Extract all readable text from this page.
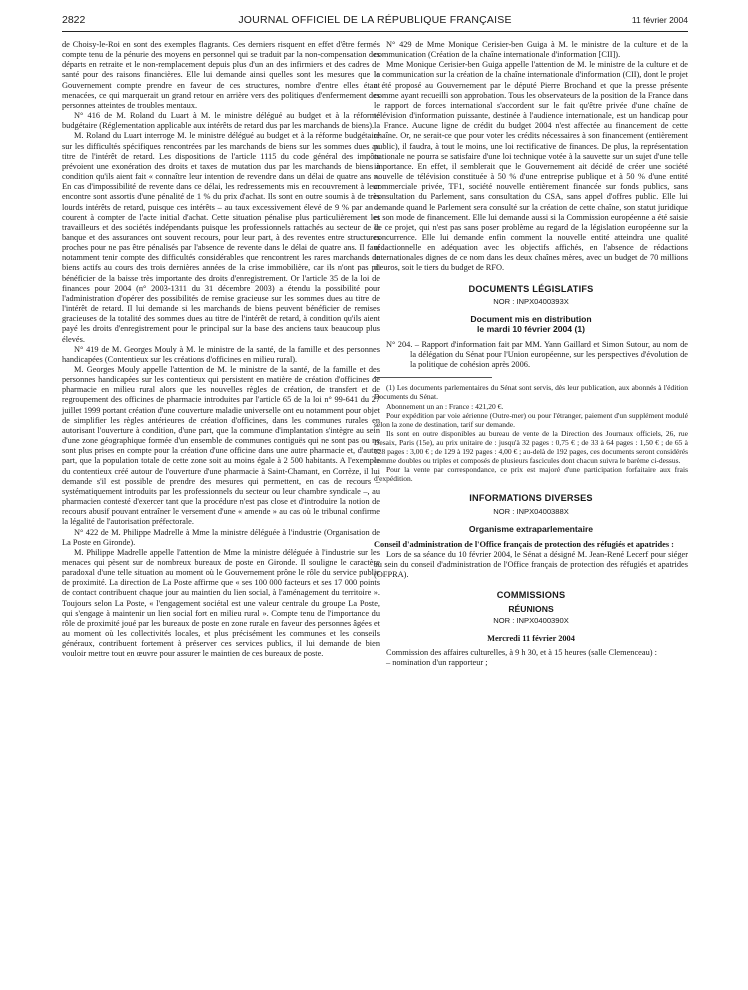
2822	JOURNAL OFFICIEL DE LA RÉPUBLIQUE FRANÇAISE	11 février 2004

de Choisy-le-Roi en sont des exemples flagrants. Ces derniers risquent en effet d'être fermés compte tenu de la pénurie des moyens en personnel qui se traduit par la non-compensation des départs en retraite et le non-remplacement depuis plus d'un an des infirmiers et des cadres de santé pour des raisons financières. Elle lui demande ainsi quelles sont les mesures que le Gouvernement compte prendre en faveur de ces structures, nombre d'entre elles étant menacées, ce qui marquerait un grand retour en arrière vers des politiques d'enfermement des personnes atteintes de troubles mentaux.

N° 416 de M. Roland du Luart à M. le ministre délégué au budget et à la réforme budgétaire (Réglementation applicable aux intérêts de retard dus par les marchands de biens).

M. Roland du Luart interroge M. le ministre délégué au budget et à la réforme budgétaire sur les difficultés spécifiques rencontrées par les marchands de biens sur les sommes dues au titre de l'intérêt de retard. Les dispositions de l'article 1115 du code général des impôts prévoient une exonération des droits et taxes de mutation dus par les marchands de biens à condition qu'ils aient fait « connaître leur intention de revendre dans un délai de quatre ans ». En cas d'impossibilité de revente dans ce délai, les redressements mis en recouvrement à leur encontre sont assortis d'une pénalité de 1 % du prix d'achat. Ils sont en outre soumis à de très lourds intérêts de retard, puisque ces intérêts – au taux excessivement élevé de 9 % par an – courent à compter de l'acte initial d'achat. Cette situation pénalise plus particulièrement les travailleurs et des sociétés indépendants puisque les professionnels rattachés au secteur de la banque et des assurances ont souvent recours, pour leur part, à des reventes entre structures proches pour ne pas être pénalisés par l'absence de revente dans le délai de quatre ans. Il faut notamment tenir compte des difficultés considérables que rencontrent les rares marchands de biens actifs au cours des trois dernières années de la crise immobilière, car ils n'ont pas pu bénéficier de la baisse très importante des droits d'enregistrement. Or l'article 35 de la loi de finances pour 2004 (n° 2003-1311 du 31 décembre 2003) a étendu la possibilité pour l'administration d'opérer des possibilités de remise gracieuse sur les sommes dues au titre de l'intérêt de retard. Il lui demande si les marchands de biens peuvent bénéficier de remises gracieuses de la totalité des sommes dues au titre de l'intérêt de retard, à condition qu'ils aient payé les droits d'enregistrement pour le principal sur la base des anciens taux beaucoup plus élevés.

N° 419 de M. Georges Mouly à M. le ministre de la santé, de la famille et des personnes handicapées (Contentieux sur les créations d'officines en milieu rural).

M. Georges Mouly appelle l'attention de M. le ministre de la santé, de la famille et des personnes handicapées sur les contentieux qui persistent en matière de création d'officines de pharmacie en milieu rural alors que les nouvelles règles de création, de transfert et de regroupement des officines de pharmacie introduites par l'article 65 de la loi n° 99-641 du 27 juillet 1999 portant création d'une couverture maladie universelle ont eu notamment pour objet de simplifier les règles antérieures de création d'officines, dans les communes rurales en autorisant l'ouverture à condition, d'une part, que la commune d'implantation s'intègre au sein d'une zone géographique formée d'un ensemble de communes contiguës qui ne sont pas ou ne sont plus prises en compte pour la création d'une officine dans une autre pharmacie et, d'autre part, que la population totale de cette zone soit au moins égale à 2 500 habitants. A l'exemple du contentieux créé autour de l'ouverture d'une pharmacie à Saint-Chamant, en Corrèze, il lui demande s'il est possible de prendre des mesures qui permettent, en cas de recours – systématiquement introduits par les professionnels du secteur ou leur chambre syndicale –, au pharmacien contesté d'exercer tant que la procédure n'est pas close et d'introduire la notion de recours abusif pouvant entraîner le versement d'une « amende » au cas où le tribunal confirme la légalité de l'autorisation préfectorale.

N° 422 de M. Philippe Madrelle à Mme la ministre déléguée à l'industrie (Organisation de La Poste en Gironde).

M. Philippe Madrelle appelle l'attention de Mme la ministre déléguée à l'industrie sur les menaces qui pèsent sur de nombreux bureaux de poste en Gironde. Il souligne le caractère paradoxal d'une telle situation au moment où le Gouvernement prône le rôle du service public de proximité. La direction de La Poste affirme que « ses 100 000 facteurs et ses 17 000 points de contact contribuent chaque jour au maintien du lien social, à l'aménagement du territoire ». Toujours selon La Poste, « l'engagement sociétal est une valeur centrale du groupe La Poste, qui s'engage à maintenir un lien social fort en milieu rural ». Compte tenu de l'importance du rôle de proximité joué par les bureaux de poste en zone rurale en faveur des personnes âgées et au moment où les collectivités locales, et plus précisément les communes et les conseils généraux, contribuent fortement à préserver ces services publics, il lui demande de bien vouloir mettre tout en œuvre pour assurer le maintien de ces bureaux de poste.

N° 429 de Mme Monique Cerisier-ben Guiga à M. le ministre de la culture et de la communication (Création de la chaîne internationale d'information [CII]).

Mme Monique Cerisier-ben Guiga appelle l'attention de M. le ministre de la culture et de la communication sur la création de la chaîne internationale d'information (CII), dont le projet a été proposé au Gouvernement par le député Pierre Brochand et que la presse présente comme ayant recueilli son approbation. Tous les observateurs de la position de la France dans le rapport de forces international s'accordent sur le fait qu'être privée d'une chaîne de télévision d'information puissante, destinée à l'audience internationale, est un handicap pour la France. Aucune ligne de crédit du budget 2004 n'est affectée au financement de cette chaîne. Or, ne serait-ce que pour voter les crédits nécessaires à son financement (entièrement public), il faudra, à tout le moins, une loi rectificative de finances. De plus, la représentation nationale ne pourra se satisfaire d'une loi technique votée à la sauvette sur un sujet d'une telle importance. En effet, il semblerait que le Gouvernement ait décidé de créer une société nouvelle de télévision constituée à 50 % d'une entreprise publique et à 50 % d'une entité commerciale privée, TF1, société nouvelle entièrement financée sur fonds publics, sans consultation du Parlement, sans consultation du CSA, sans appel d'offres public. Elle lui demande quand le Parlement sera consulté sur la création de cette chaîne, son statut juridique et son mode de financement. Elle lui demande aussi si la Commission européenne a été saisie de ce projet, qui n'est pas sans poser problème au regard de la législation européenne sur la concurrence. Elle lui demande enfin comment la nouvelle entité atteindra une qualité rédactionnelle en adéquation avec les objectifs affichés, en l'absence de rédactions internationales dignes de ce nom dans les deux chaînes mères, avec un budget de 70 millions d'euros, soit le tiers du budget de RFO.

DOCUMENTS LÉGISLATIFS
NOR : INPX0400393X
Document mis en distribution
le mardi 10 février 2004 (1)

N° 204. – Rapport d'information fait par MM. Yann Gaillard et Simon Sutour, au nom de la délégation du Sénat pour l'Union européenne, sur les perspectives d'évolution de la politique de cohésion après 2006.

(1) Les documents parlementaires du Sénat sont servis, dès leur publication, aux abonnés à l'édition Documents du Sénat.

Abonnement un an : France : 421,20 €.

Pour expédition par voie aérienne (Outre-mer) ou pour l'étranger, paiement d'un supplément modulé selon la zone de destination, tarif sur demande.

Ils sont en outre disponibles au bureau de vente de la Direction des Journaux officiels, 26, rue Desaix, Paris (15e), au prix unitaire de : jusqu'à 32 pages : 0,75 € ; de 33 à 64 pages : 1,50 € ; de 65 à 128 pages : 3,00 € ; de 129 à 192 pages : 4,00 € ; au-delà de 192 pages, ces documents seront considérés comme doubles ou triples et composés de plusieurs fascicules dont chacun suivra le barème ci-dessus.

Pour la vente par correspondance, ce prix est majoré d'une participation forfaitaire aux frais d'expédition.

INFORMATIONS DIVERSES
NOR : INPX0400388X
Organisme extraparlementaire

Conseil d'administration de l'Office français de protection des réfugiés et apatrides :

Lors de sa séance du 10 février 2004, le Sénat a désigné M. Jean-René Lecerf pour siéger au sein du conseil d'administration de l'Office français de protection des réfugiés et apatrides (OFPRA).

COMMISSIONS
RÉUNIONS
NOR : INPX0400390X
Mercredi 11 février 2004

Commission des affaires culturelles, à 9 h 30, et à 15 heures (salle Clemenceau) :

– nomination d'un rapporteur ;
